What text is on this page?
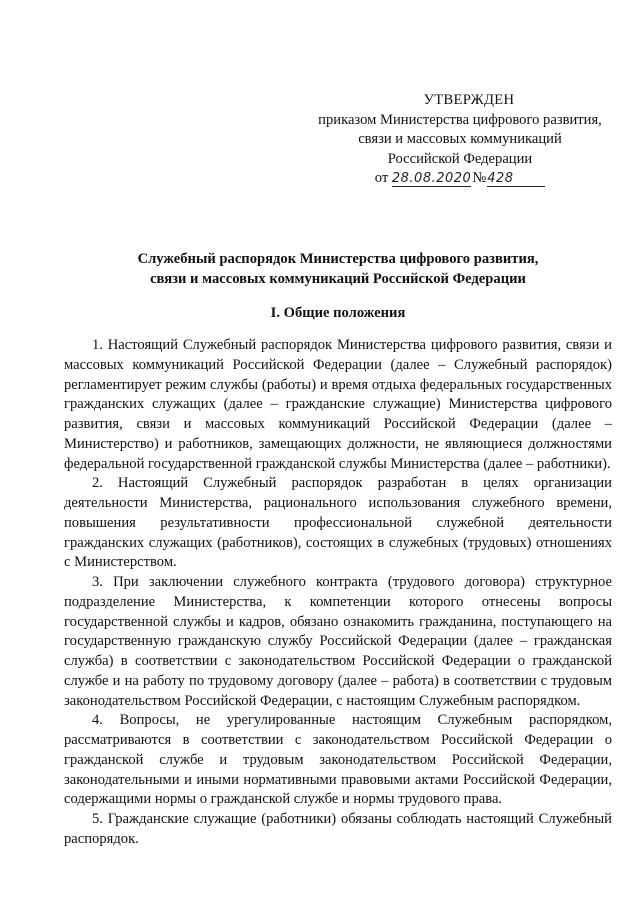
УТВЕРЖДЕН
приказом Министерства цифрового развития,
связи и массовых коммуникаций
Российской Федерации
от 28.08.2020№428
Служебный распорядок Министерства цифрового развития,
связи и массовых коммуникаций Российской Федерации
I. Общие положения

1. Настоящий Служебный распорядок Министерства цифрового развития, связи и массовых коммуникаций Российской Федерации (далее – Служебный распорядок) регламентирует режим службы (работы) и время отдыха федеральных государственных гражданских служащих (далее – гражданские служащие) Министерства цифрового развития, связи и массовых коммуникаций Российской Федерации (далее – Министерство) и работников, замещающих должности, не являющиеся должностями федеральной государственной гражданской службы Министерства (далее – работники).

2. Настоящий Служебный распорядок разработан в целях организации деятельности Министерства, рационального использования служебного времени, повышения результативности профессиональной служебной деятельности гражданских служащих (работников), состоящих в служебных (трудовых) отношениях с Министерством.

3. При заключении служебного контракта (трудового договора) структурное подразделение Министерства, к компетенции которого отнесены вопросы государственной службы и кадров, обязано ознакомить гражданина, поступающего на государственную гражданскую службу Российской Федерации (далее – гражданская служба) в соответствии с законодательством Российской Федерации о гражданской службе и на работу по трудовому договору (далее – работа) в соответствии с трудовым законодательством Российской Федерации, с настоящим Служебным распорядком.

4. Вопросы, не урегулированные настоящим Служебным распорядком, рассматриваются в соответствии с законодательством Российской Федерации о гражданской службе и трудовым законодательством Российской Федерации, законодательными и иными нормативными правовыми актами Российской Федерации, содержащими нормы о гражданской службе и нормы трудового права.

5. Гражданские служащие (работники) обязаны соблюдать настоящий Служебный распорядок.
